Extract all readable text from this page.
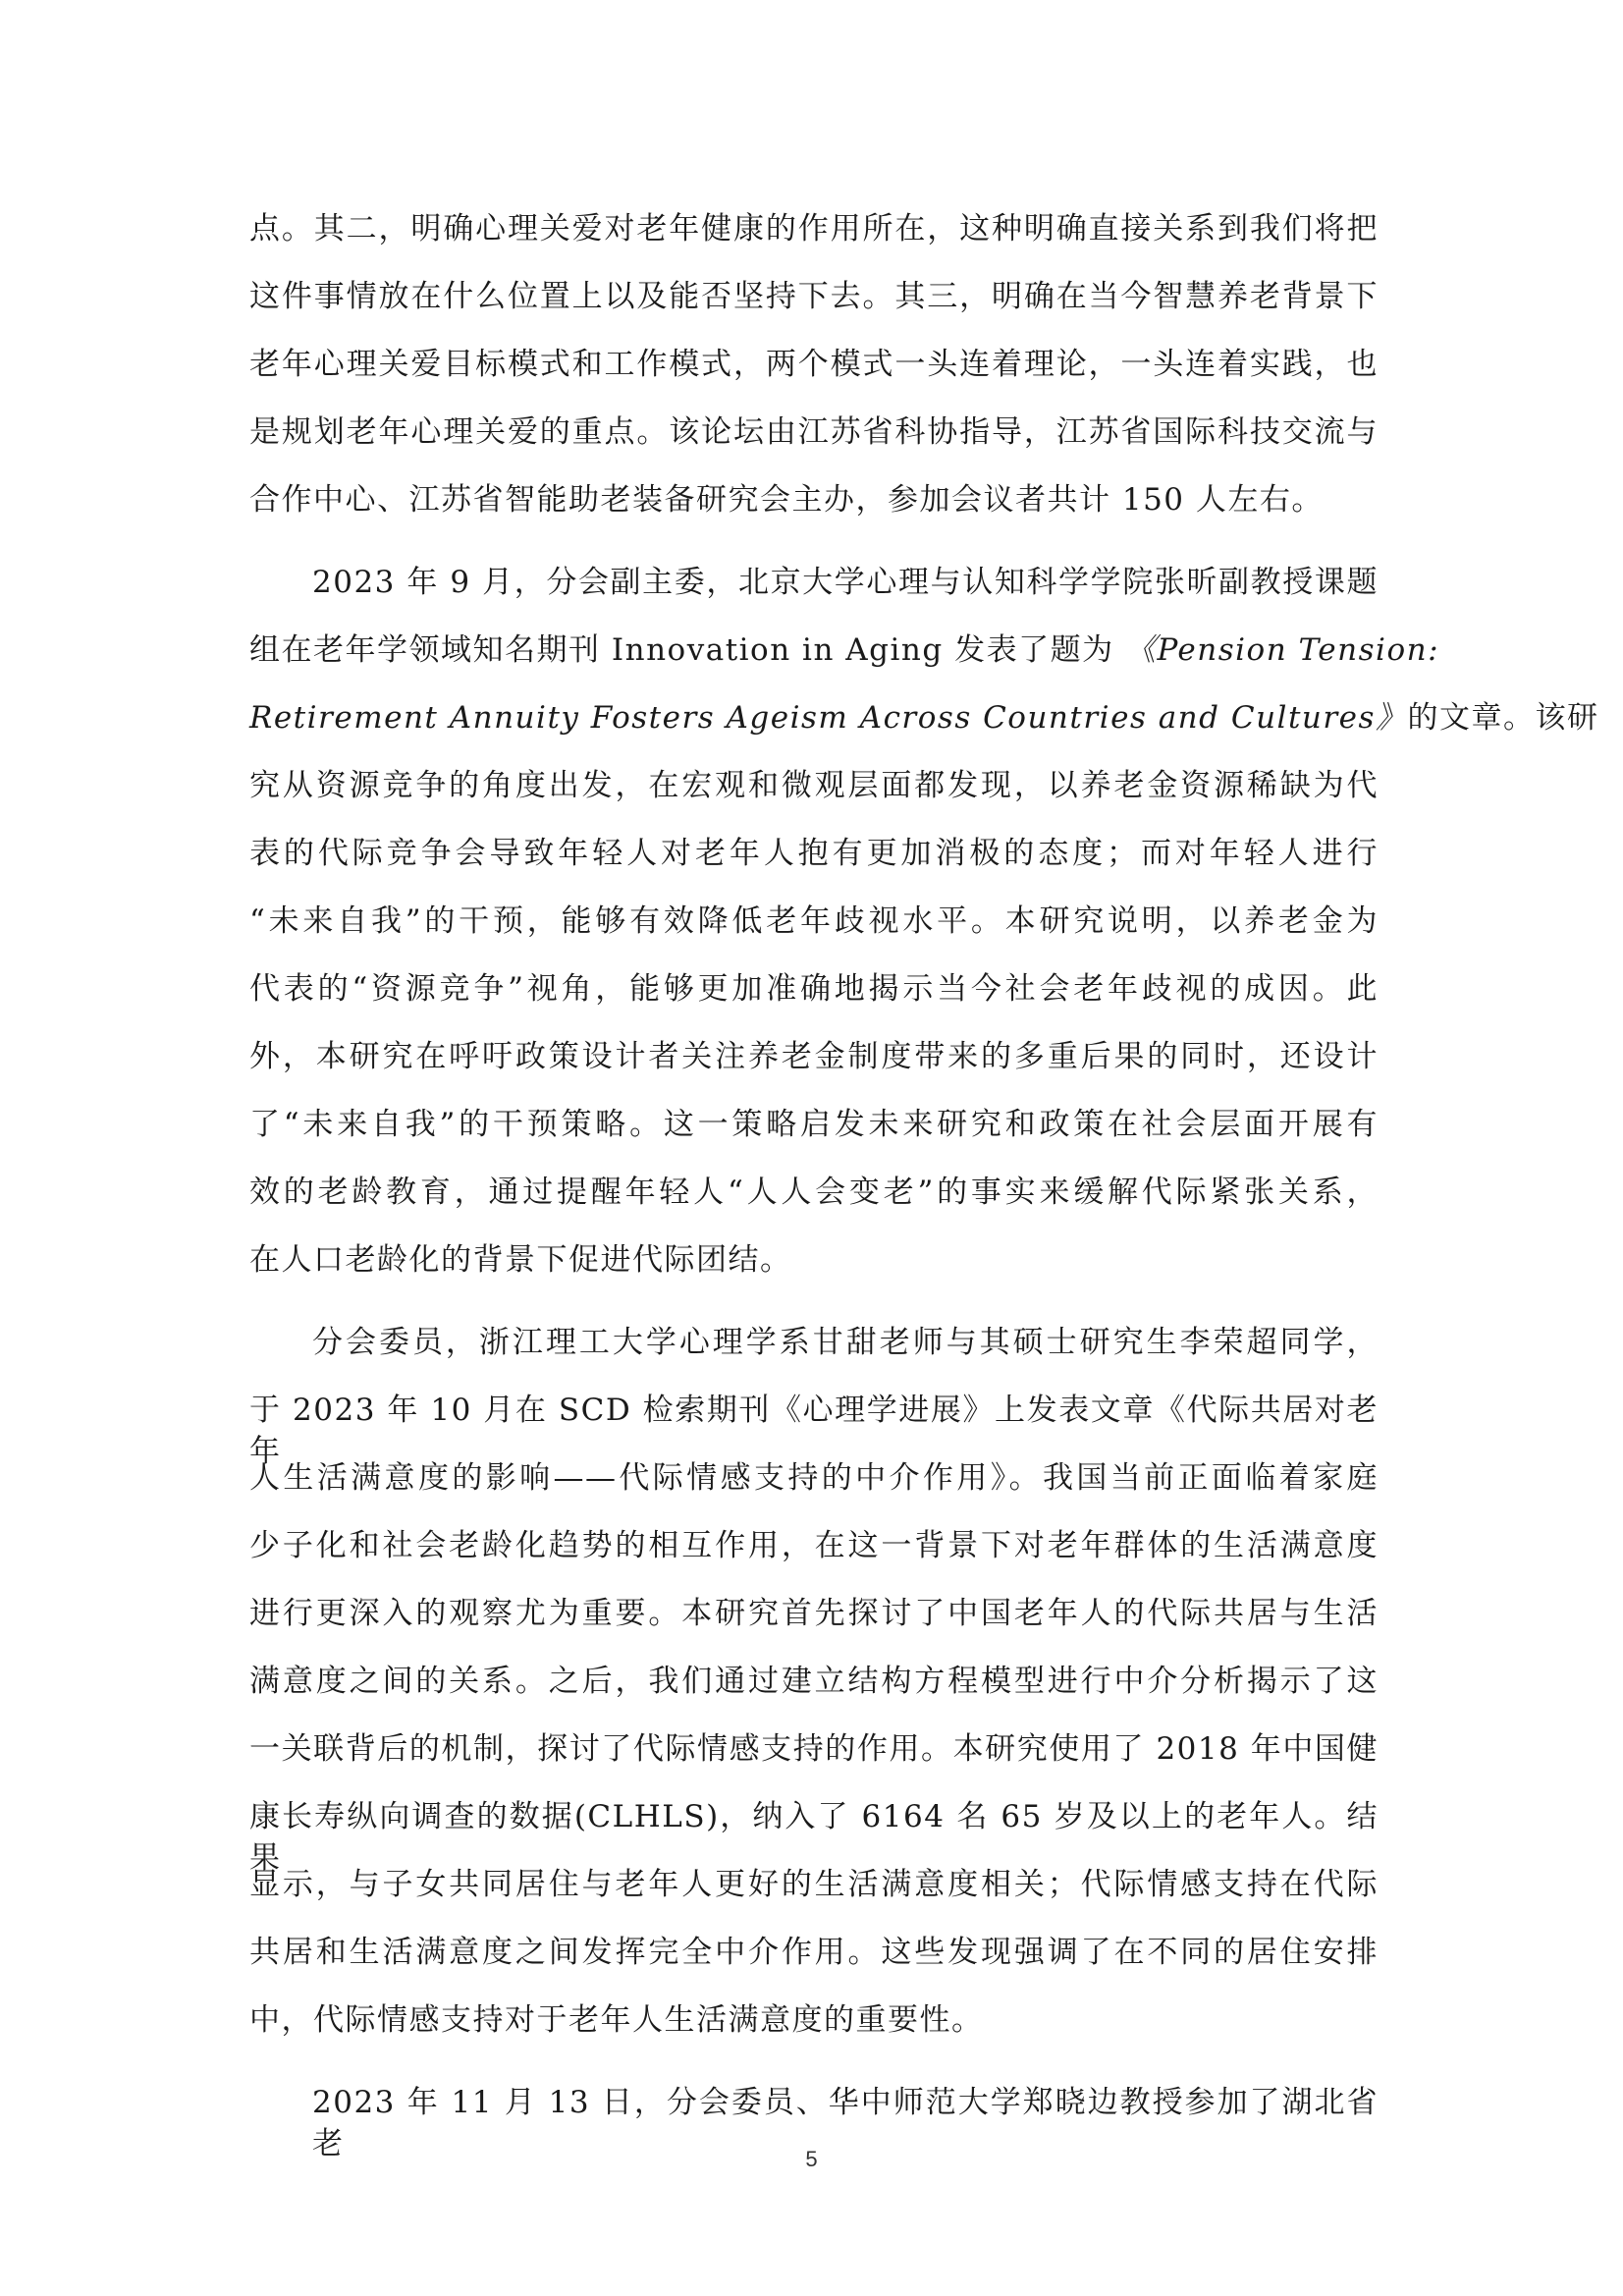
点。其二，明确心理关爱对老年健康的作用所在，这种明确直接关系到我们将把
这件事情放在什么位置上以及能否坚持下去。其三，明确在当今智慧养老背景下
老年心理关爱目标模式和工作模式，两个模式一头连着理论，一头连着实践，也
是规划老年心理关爱的重点。该论坛由江苏省科协指导，江苏省国际科技交流与
合作中心、江苏省智能助老装备研究会主办，参加会议者共计 150 人左右。
2023 年 9 月，分会副主委，北京大学心理与认知科学学院张昕副教授课题
组在老年学领域知名期刊 Innovation in Aging 发表了题为 《Pension Tension:
Retirement Annuity Fosters Ageism Across Countries and Cultures》的文章。该研
究从资源竞争的角度出发，在宏观和微观层面都发现，以养老金资源稀缺为代
表的代际竞争会导致年轻人对老年人抱有更加消极的态度；而对年轻人进行
“未来自我”的干预，能够有效降低老年歧视水平。本研究说明，以养老金为
代表的“资源竞争”视角，能够更加准确地揭示当今社会老年歧视的成因。此
外，本研究在呼吁政策设计者关注养老金制度带来的多重后果的同时，还设计
了“未来自我”的干预策略。这一策略启发未来研究和政策在社会层面开展有
效的老龄教育，通过提醒年轻人“人人会变老”的事实来缓解代际紧张关系，
在人口老龄化的背景下促进代际团结。
分会委员，浙江理工大学心理学系甘甜老师与其硕士研究生李荣超同学，
于 2023 年 10 月在 SCD 检索期刊《心理学进展》上发表文章《代际共居对老年
人生活满意度的影响——代际情感支持的中介作用》。我国当前正面临着家庭
少子化和社会老龄化趋势的相互作用，在这一背景下对老年群体的生活满意度
进行更深入的观察尤为重要。本研究首先探讨了中国老年人的代际共居与生活
满意度之间的关系。之后，我们通过建立结构方程模型进行中介分析揭示了这
一关联背后的机制，探讨了代际情感支持的作用。本研究使用了 2018 年中国健
康长寿纵向调查的数据(CLHLS)，纳入了 6164 名 65 岁及以上的老年人。结果
显示，与子女共同居住与老年人更好的生活满意度相关；代际情感支持在代际
共居和生活满意度之间发挥完全中介作用。这些发现强调了在不同的居住安排
中，代际情感支持对于老年人生活满意度的重要性。
2023 年 11 月 13 日，分会委员、华中师范大学郑晓边教授参加了湖北省老	5
